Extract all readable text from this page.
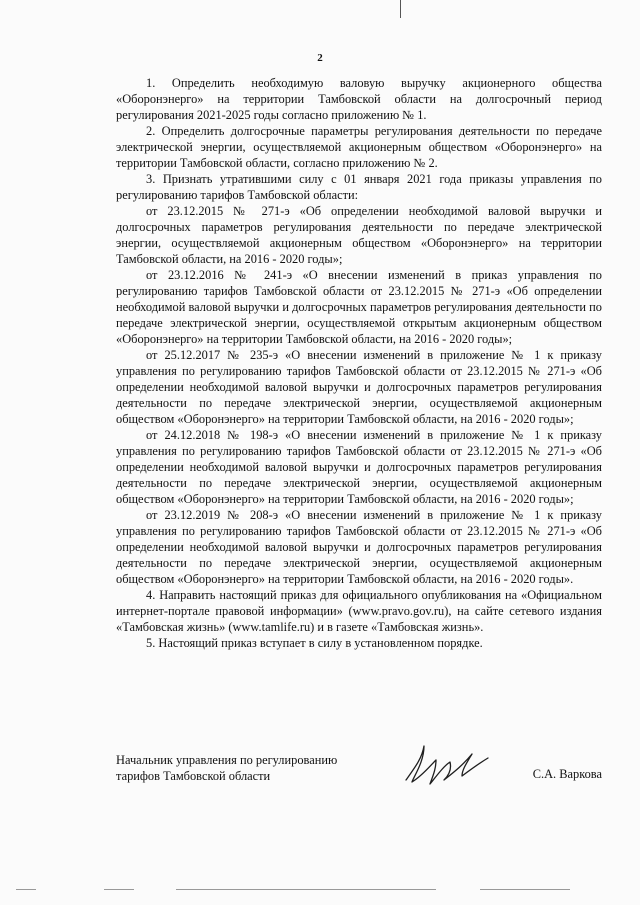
2

1. Определить необходимую валовую выручку акционерного общества «Оборонэнерго» на территории Тамбовской области на долгосрочный период регулирования 2021-2025 годы согласно приложению № 1.

2. Определить долгосрочные параметры регулирования деятельности по передаче электрической энергии, осуществляемой акционерным обществом «Оборонэнерго» на территории Тамбовской области, согласно приложению № 2.

3. Признать утратившими силу с 01 января 2021 года приказы управления по регулированию тарифов Тамбовской области:

от 23.12.2015 № 271-э «Об определении необходимой валовой выручки и долгосрочных параметров регулирования деятельности по передаче электрической энергии, осуществляемой акционерным обществом «Оборонэнерго» на территории Тамбовской области, на 2016 - 2020 годы»;

от 23.12.2016 № 241-э «О внесении изменений в приказ управления по регулированию тарифов Тамбовской области от 23.12.2015 № 271-э «Об определении необходимой валовой выручки и долгосрочных параметров регулирования деятельности по передаче электрической энергии, осуществляемой открытым акционерным обществом «Оборонэнерго» на территории Тамбовской области, на 2016 - 2020 годы»;

от 25.12.2017 № 235-э «О внесении изменений в приложение № 1 к приказу управления по регулированию тарифов Тамбовской области от 23.12.2015 № 271-э «Об определении необходимой валовой выручки и долгосрочных параметров регулирования деятельности по передаче электрической энергии, осуществляемой акционерным обществом «Оборонэнерго» на территории Тамбовской области, на 2016 - 2020 годы»;

от 24.12.2018 № 198-э «О внесении изменений в приложение № 1 к приказу управления по регулированию тарифов Тамбовской области от 23.12.2015 № 271-э «Об определении необходимой валовой выручки и долгосрочных параметров регулирования деятельности по передаче электрической энергии, осуществляемой акционерным обществом «Оборонэнерго» на территории Тамбовской области, на 2016 - 2020 годы»;

от 23.12.2019 № 208-э «О внесении изменений в приложение № 1 к приказу управления по регулированию тарифов Тамбовской области от 23.12.2015 № 271-э «Об определении необходимой валовой выручки и долгосрочных параметров регулирования деятельности по передаче электрической энергии, осуществляемой акционерным обществом «Оборонэнерго» на территории Тамбовской области, на 2016 - 2020 годы».

4. Направить настоящий приказ для официального опубликования на «Официальном интернет-портале правовой информации» (www.pravo.gov.ru), на сайте сетевого издания «Тамбовская жизнь» (www.tamlife.ru) и в газете «Тамбовская жизнь».

5. Настоящий приказ вступает в силу в установленном порядке.

Начальник управления по регулированию
тарифов Тамбовской области	С.А. Варкова
